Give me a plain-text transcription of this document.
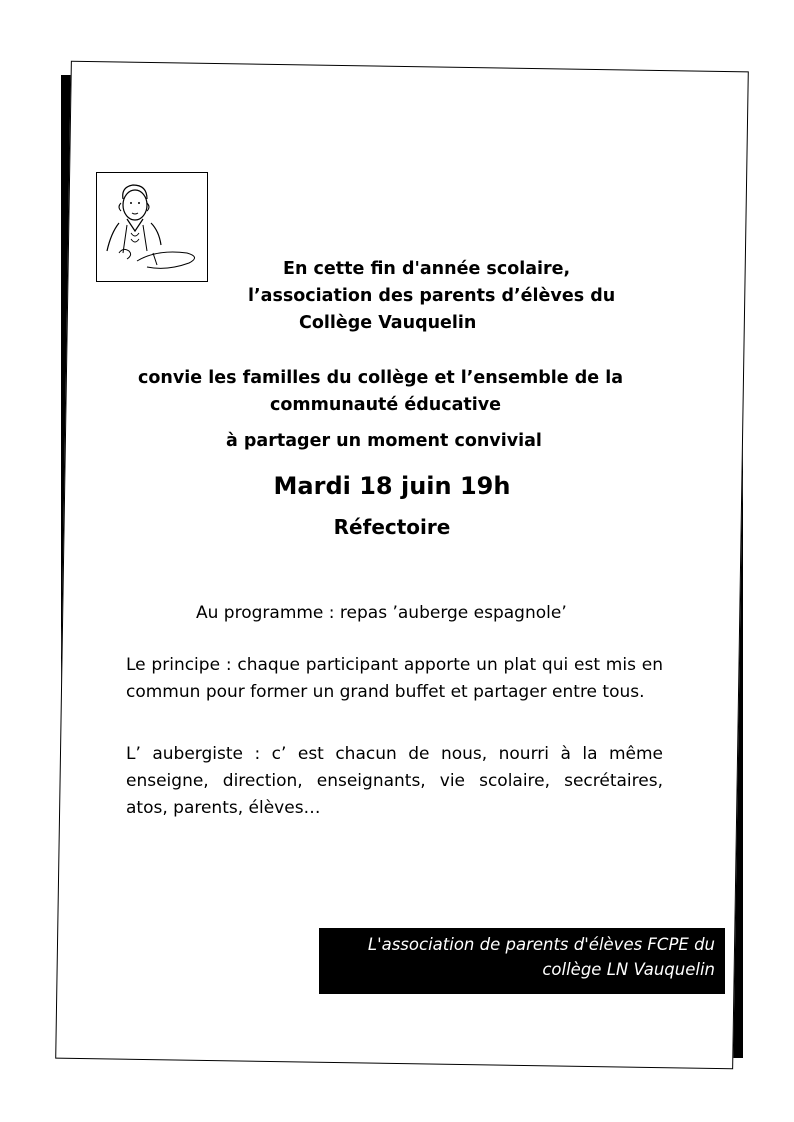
En cette fin d'année scolaire,
l’association des parents d’élèves du
Collège Vauquelin
convie les familles du collège et l’ensemble de la
communauté éducative
à partager un moment convivial
Mardi 18 juin 19h
Réfectoire
Au programme : repas ’auberge espagnole’

Le principe : chaque participant apporte un plat qui est mis en commun pour former un grand buffet et partager entre tous.

L’ aubergiste : c’ est chacun de nous, nourri à la même enseigne, direction, enseignants, vie scolaire, secrétaires, atos, parents, élèves…

L'association de parents d'élèves FCPE du
collège LN Vauquelin
